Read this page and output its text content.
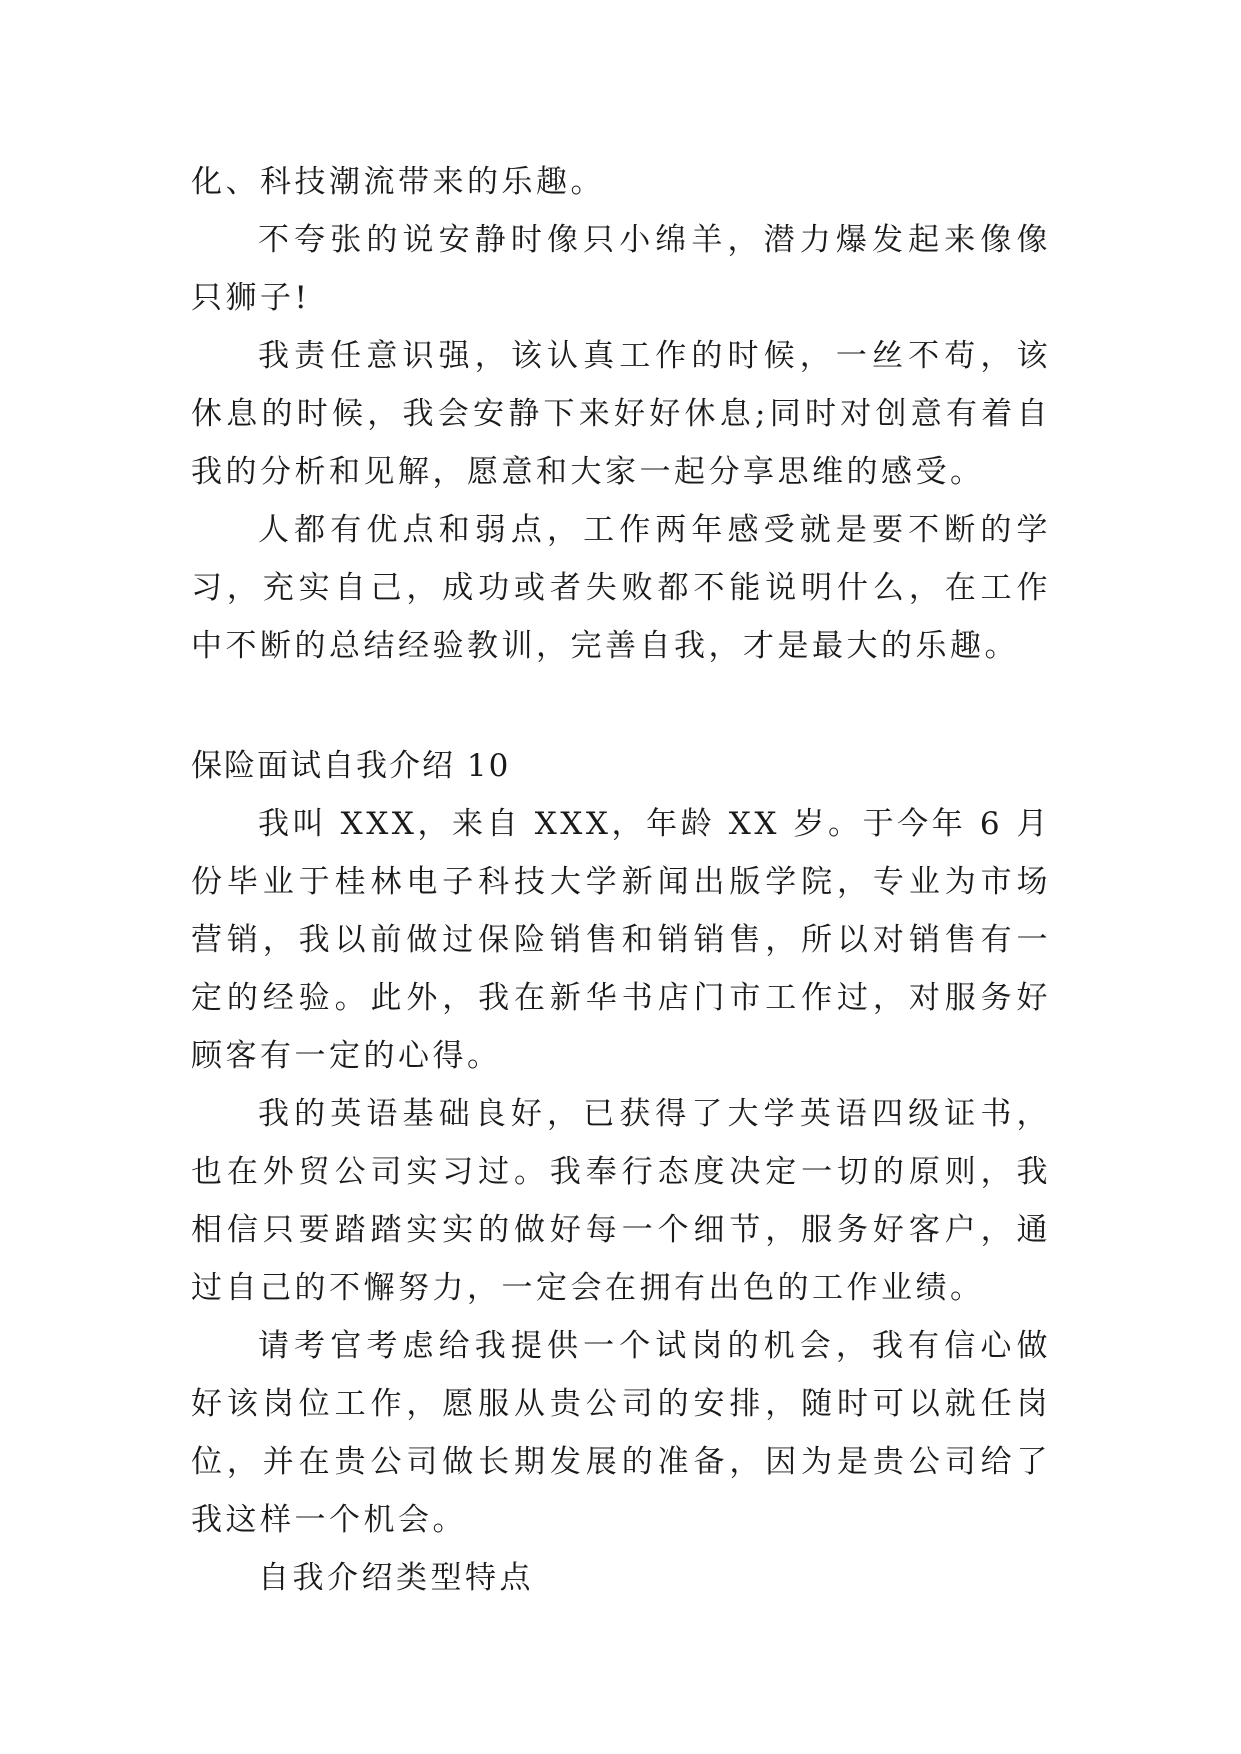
化、科技潮流带来的乐趣。

不夸张的说安静时像只小绵羊，潜力爆发起来像像只狮子!

我责任意识强，该认真工作的时候，一丝不苟，该休息的时候，我会安静下来好好休息;同时对创意有着自我的分析和见解，愿意和大家一起分享思维的感受。

人都有优点和弱点，工作两年感受就是要不断的学习，充实自己，成功或者失败都不能说明什么，在工作中不断的总结经验教训，完善自我，才是最大的乐趣。

保险面试自我介绍 10

我叫 XXX，来自 XXX，年龄 XX 岁。于今年 6 月份毕业于桂林电子科技大学新闻出版学院，专业为市场营销，我以前做过保险销售和销销售，所以对销售有一定的经验。此外，我在新华书店门市工作过，对服务好顾客有一定的心得。

我的英语基础良好，已获得了大学英语四级证书，也在外贸公司实习过。我奉行态度决定一切的原则，我相信只要踏踏实实的做好每一个细节，服务好客户，通过自己的不懈努力，一定会在拥有出色的工作业绩。

请考官考虑给我提供一个试岗的机会，我有信心做好该岗位工作，愿服从贵公司的安排，随时可以就任岗位，并在贵公司做长期发展的准备，因为是贵公司给了我这样一个机会。

自我介绍类型特点
